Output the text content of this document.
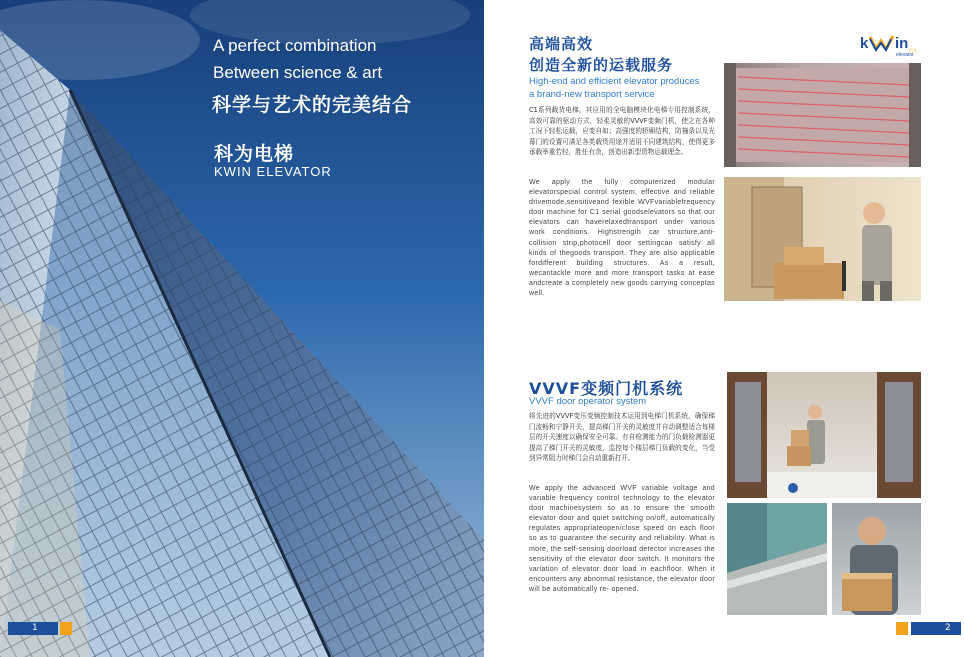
A perfect combination
Between science & art
科学与艺术的完美结合
科为电梯
KWIN ELEVATOR
1
k in 科为
elevator
高端高效
创造全新的运载服务
High-end and efficient elevator produces
a brand-new transport service
C1系列载货电梯，其应用的全电脑模块化电梯专用控制系统，高效可靠的驱动方式，轻柔灵敏的VVVF变频门机，使之在各种工况下轻松运载，应变自如；高强度的轿厢结构，防撞条以及光幕门的设置可满足各类载货用途并适用不同建筑结构，使得更多承载举重若轻，胜任有余，创造出新型货物运载理念。
We apply the fully computerized modular elevatorspecial control system, effective and reliable drivemode,sensitiveand fexible WVFvariablefrequency door machine for C1 serial goodselevators so that our elevators can haverelaxedtransport under various work conditions. Highstrength car structure,anti-collision strip,photocell door settingcan satisfy all kinds of thegoods transport. They are also applicable fordifferent building structures. As a result, wecantackle more and more transport tasks at ease andcreate a completely new goods carrying conceptas well.
VVVF变频门机系统
VVVF door operator system
将先进的VVVF变压变频控制技术运用到电梯门机系统，确保梯门流畅和宁静开关，提高梯门开关的灵敏度并自动调整适合每楼层的开关速度以确保安全可靠。有自检测能力的门负载检测器更提高了梯门开关的灵敏度，监控每个楼层梯门负载的变化，当受到异常阻力时梯门会自动重新打开。
We apply the advanced WVF variable voltage and variable frequency control technology to the elevator door machinesystem so as to ensure the smooth elevator door and quiet switching on/off, automatically regulates appropriateopen/close speed on each floor so as to guarantee the security and reliability. What is more, the self-sensing doorload detector increases the sensitivity of the elevator door switch. It monitors the variation of elevator door load in eachfloor. When it encounters any abnormal resistance, the elevator door will be automatically re- opened.
2
